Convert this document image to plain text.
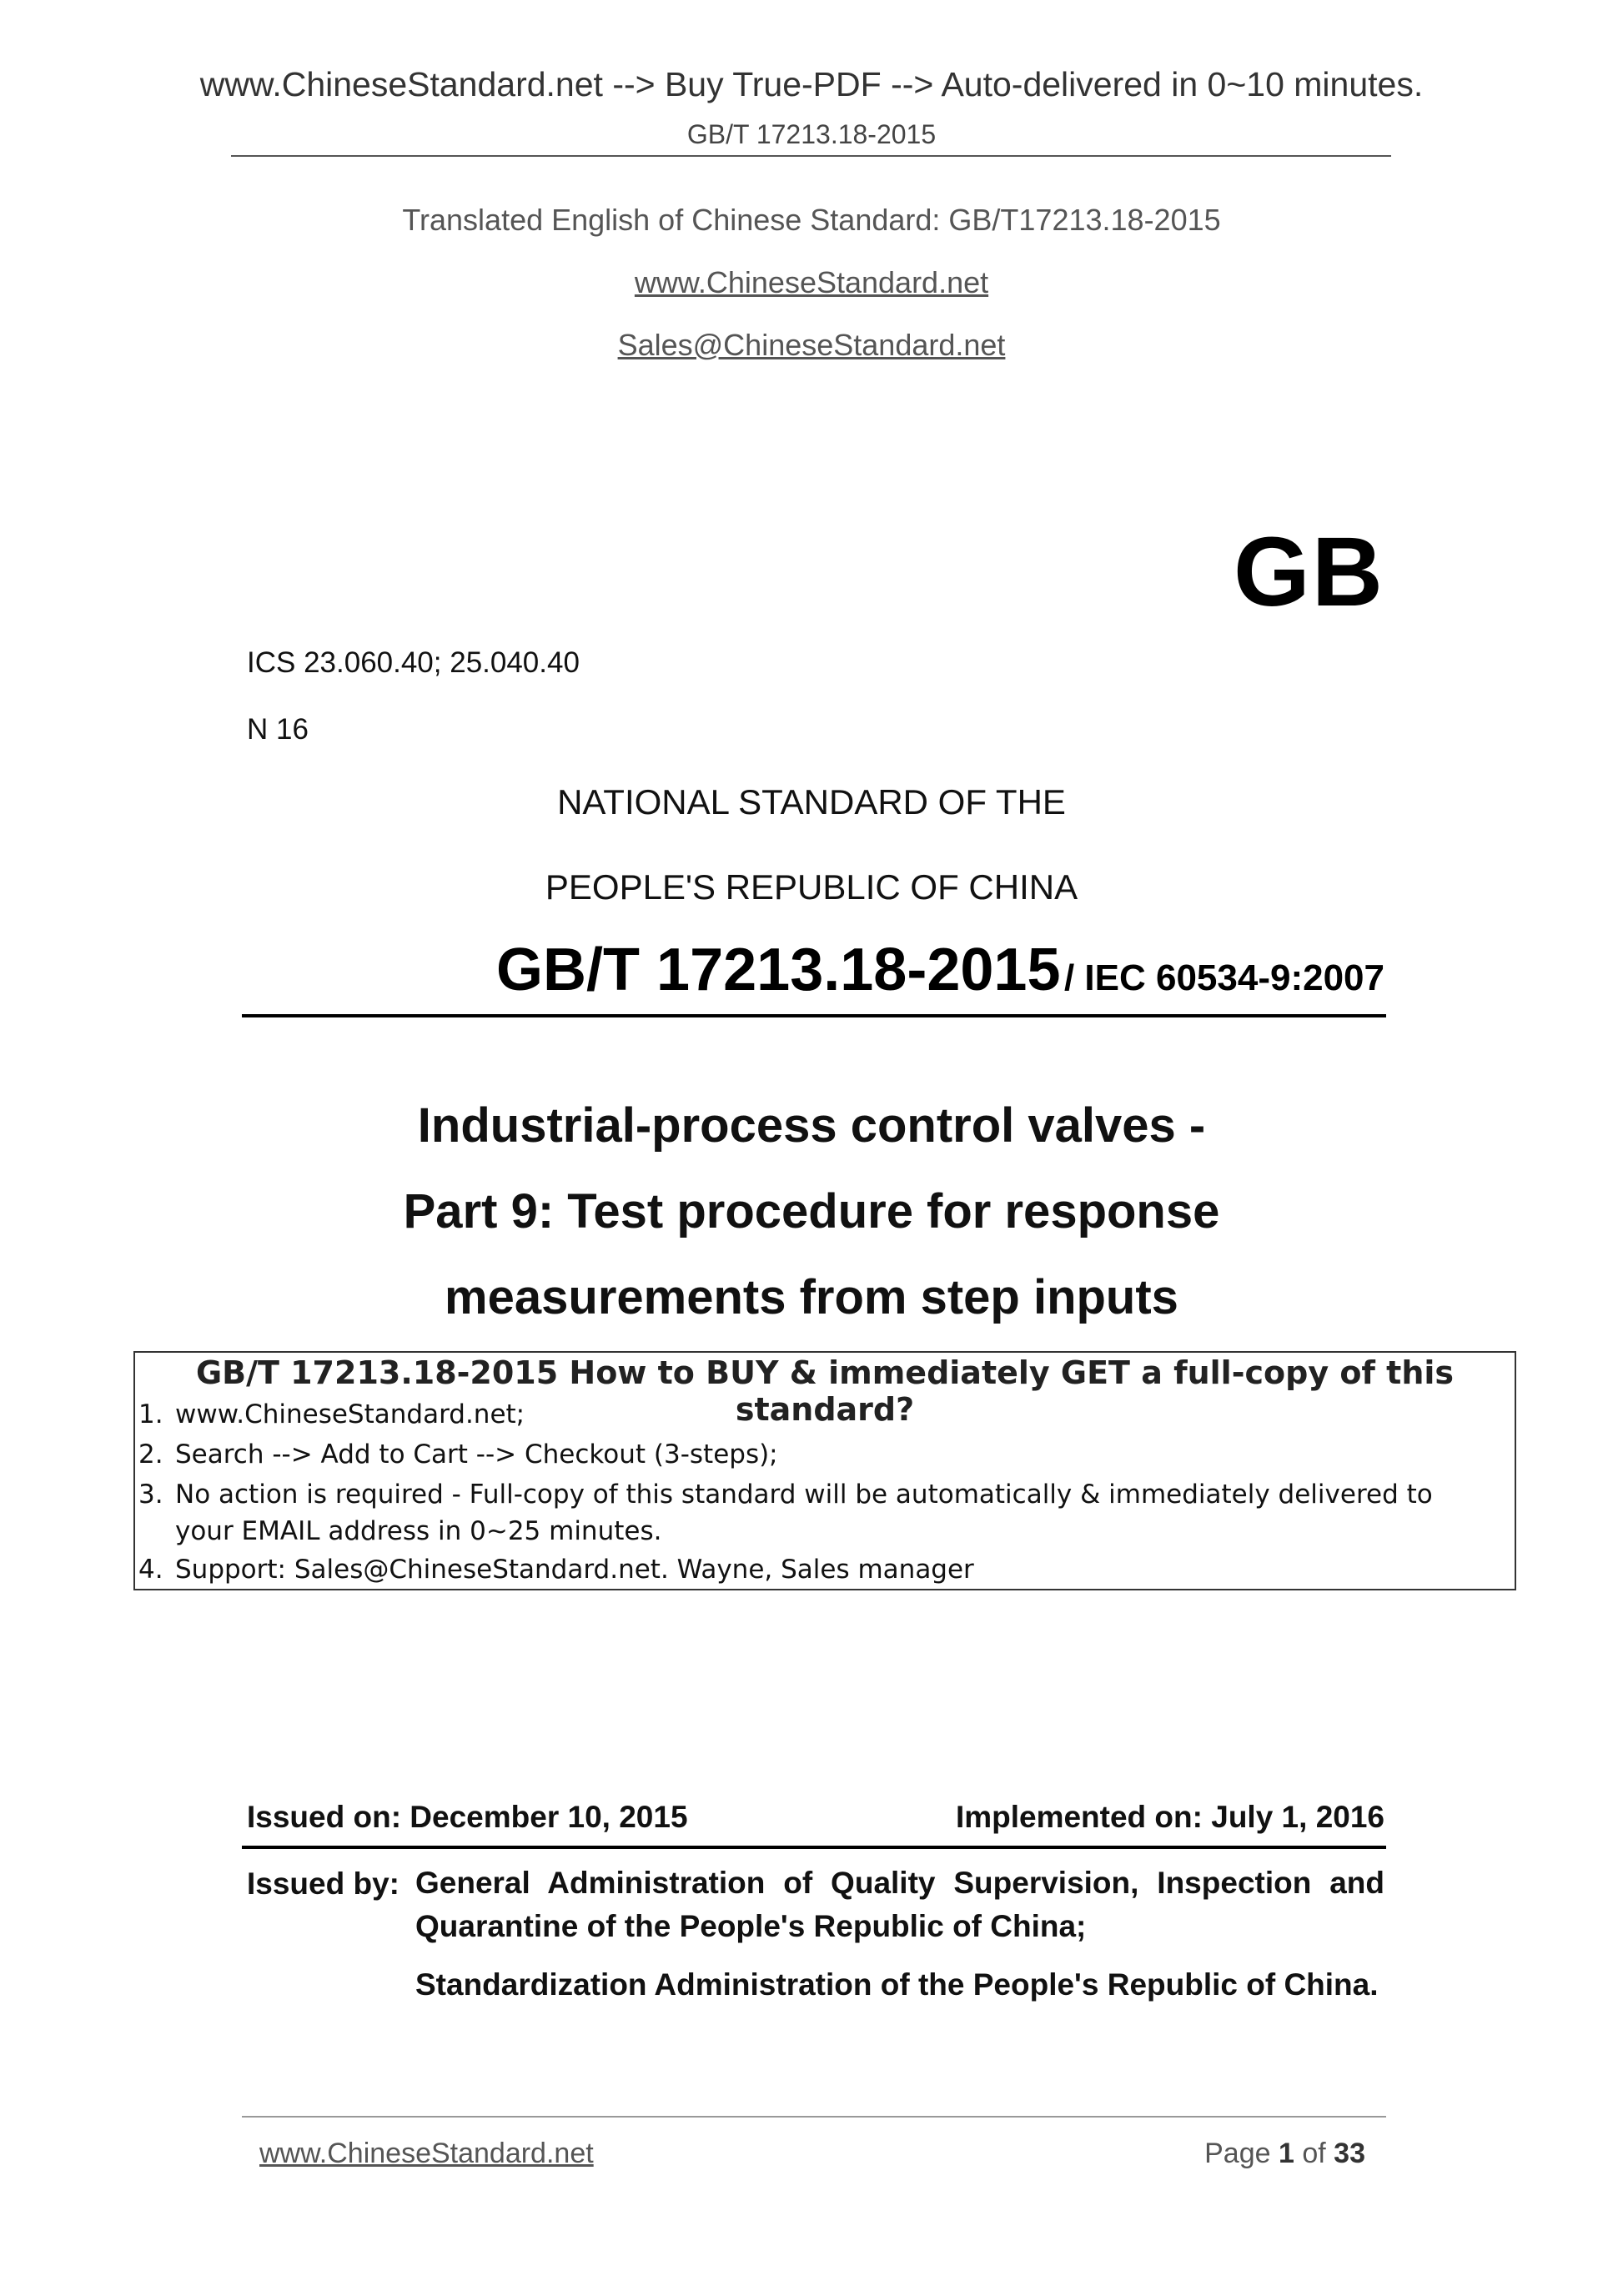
www.ChineseStandard.net --> Buy True-PDF --> Auto-delivered in 0~10 minutes.
GB/T 17213.18-2015
Translated English of Chinese Standard: GB/T17213.18-2015
www.ChineseStandard.net
Sales@ChineseStandard.net
GB
ICS 23.060.40; 25.040.40
N 16
NATIONAL STANDARD OF THE
PEOPLE'S REPUBLIC OF CHINA
GB/T 17213.18-2015 / IEC 60534-9:2007
Industrial-process control valves -
Part 9: Test procedure for response
measurements from step inputs
GB/T 17213.18-2015 How to BUY & immediately GET a full-copy of this standard?
1. www.ChineseStandard.net;
2. Search --> Add to Cart --> Checkout (3-steps);
3. No action is required - Full-copy of this standard will be automatically & immediately delivered to
your EMAIL address in 0~25 minutes.
4. Support: Sales@ChineseStandard.net. Wayne, Sales manager
Issued on: December 10, 2015	Implemented on: July 1, 2016
Issued by: General Administration of Quality Supervision, Inspection and Quarantine of the People's Republic of China;
Standardization Administration of the People's Republic of China.
www.ChineseStandard.net	Page 1 of 33
